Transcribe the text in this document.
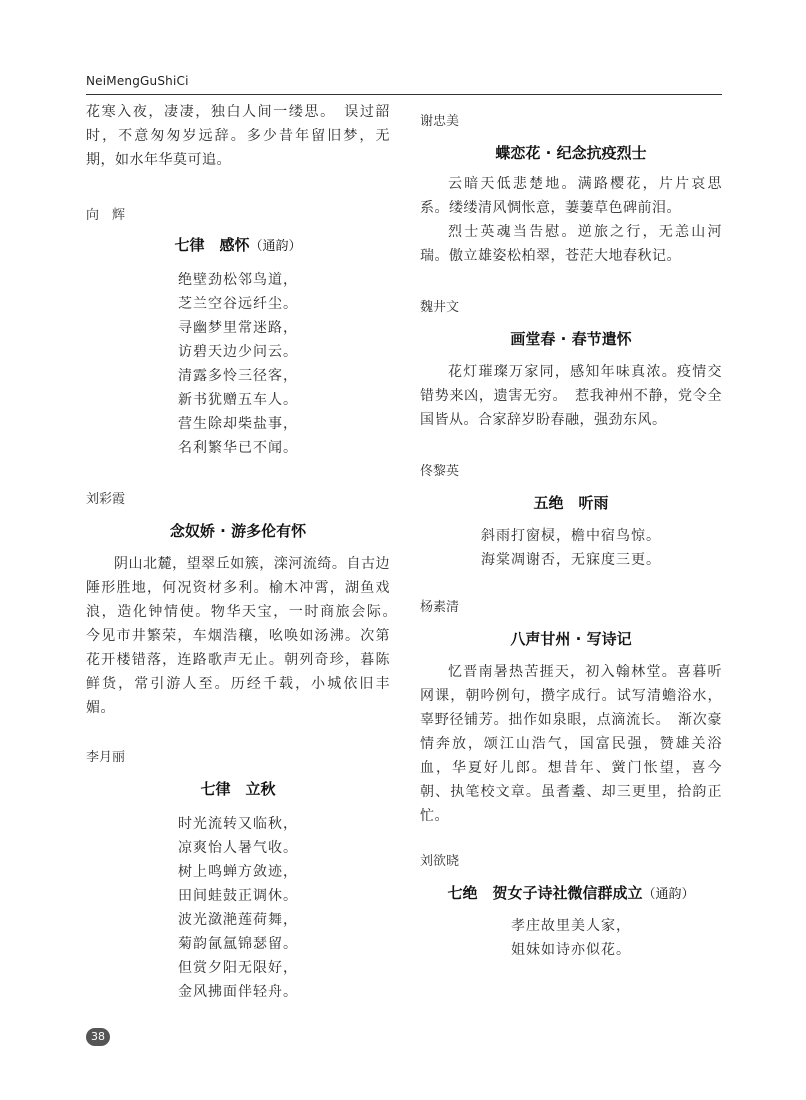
NeiMengGuShiCi

花寒入夜，凄凄，独白人间一缕思。　误过韶时，不意匆匆岁远辞。多少昔年留旧梦，无期，如水年华莫可追。

向　辉

七律　感怀（通韵）

绝壁劲松邻鸟道，
芝兰空谷远纤尘。
寻幽梦里常迷路，
访碧天边少问云。
清露多怜三径客，
新书犹赠五车人。
营生除却柴盐事，
名利繁华已不闻。

刘彩霞

念奴娇 · 游多伦有怀

阴山北麓，望翠丘如簇，滦河流绮。自古边陲形胜地，何况资材多利。榆木冲霄，湖鱼戏浪，造化钟情使。物华天宝，一时商旅会际。　今见市井繁荣，车烟浩穰，吆唤如汤沸。次第花开楼错落，连路歌声无止。朝列奇珍，暮陈鲜货，常引游人至。历经千载，小城依旧丰媚。

李月丽

七律　立秋

时光流转又临秋，
凉爽怡人暑气收。
树上鸣蝉方敛迹，
田间蛙鼓正调休。
波光潋滟莲荷舞，
菊韵氤氲锦瑟留。
但赏夕阳无限好，
金风拂面伴轻舟。

谢忠美

蝶恋花 · 纪念抗疫烈士

云暗天低悲楚地。满路樱花，片片哀思系。缕缕清风惆怅意，萋萋草色碑前泪。

烈士英魂当告慰。逆旅之行，无恙山河瑞。傲立雄姿松柏翠，苍茫大地春秋记。

魏井文

画堂春 · 春节遣怀

花灯璀璨万家同，感知年味真浓。疫情交错势来凶，遗害无穷。　惹我神州不静，党令全国皆从。合家辞岁盼春融，强劲东风。

佟黎英

五绝　听雨

斜雨打窗棂，檐中宿鸟惊。
海棠凋谢否，无寐度三更。

杨素清

八声甘州 · 写诗记

忆晋南暑热苦捱天，初入翰林堂。喜暮听网课，朝吟例句，攒字成行。试写清蟾浴水，辜野径铺芳。拙作如泉眼，点滴流长。　渐次豪情奔放，颂江山浩气，国富民强，赞雄关浴血，华夏好儿郎。想昔年、黉门怅望，喜今朝、执笔校文章。虽耆耋、却三更里，拾韵正忙。

刘欲晓

七绝　贺女子诗社微信群成立（通韵）

孝庄故里美人家，
姐妹如诗亦似花。
38
